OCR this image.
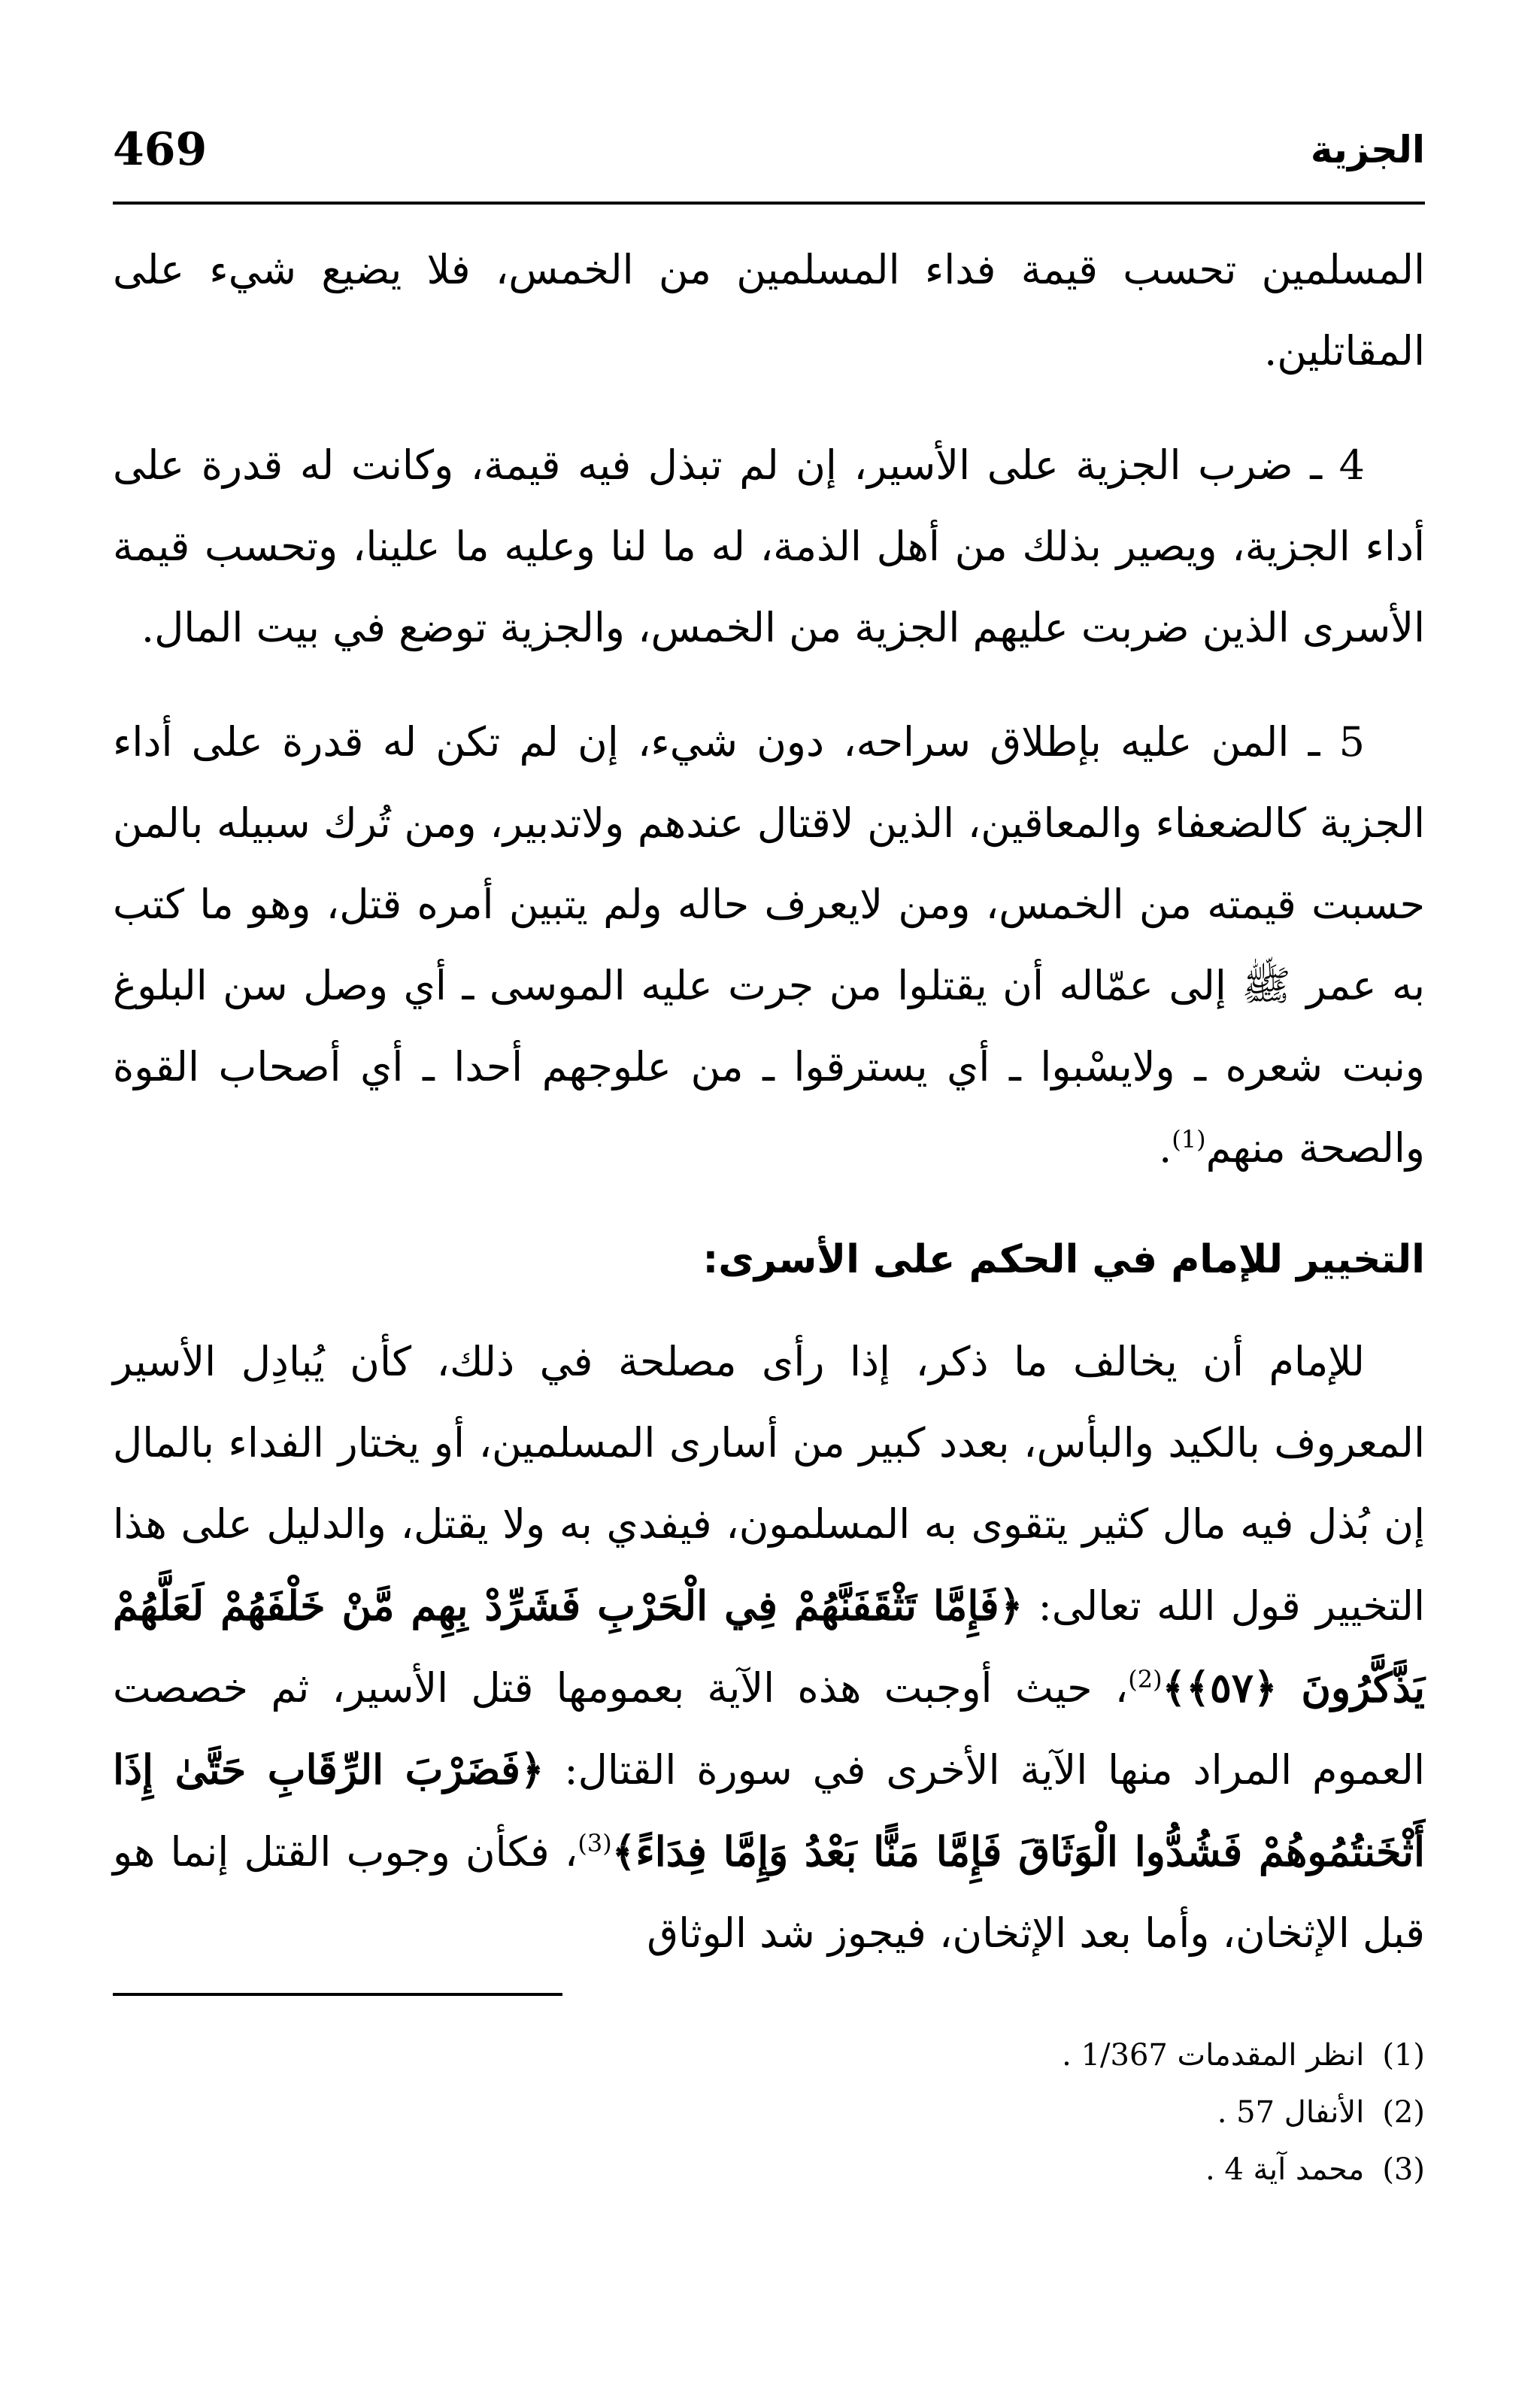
الجزية
469

المسلمين تحسب قيمة فداء المسلمين من الخمس، فلا يضيع شيء على المقاتلين.

4 ـ ضرب الجزية على الأسير، إن لم تبذل فيه قيمة، وكانت له قدرة على أداء الجزية، ويصير بذلك من أهل الذمة، له ما لنا وعليه ما علينا، وتحسب قيمة الأسرى الذين ضربت عليهم الجزية من الخمس، والجزية توضع في بيت المال.

5 ـ المن عليه بإطلاق سراحه، دون شيء، إن لم تكن له قدرة على أداء الجزية كالضعفاء والمعاقين، الذين لاقتال عندهم ولاتدبير، ومن تُرك سبيله بالمن حسبت قيمته من الخمس، ومن لايعرف حاله ولم يتبين أمره قتل، وهو ما كتب به عمر ﷺ إلى عمّاله أن يقتلوا من جرت عليه الموسى ـ أي وصل سن البلوغ ونبت شعره ـ ولايسْبوا ـ أي يسترقوا ـ من علوجهم أحدا ـ أي أصحاب القوة والصحة منهم$^{(1)}$.

التخيير للإمام في الحكم على الأسرى:

للإمام أن يخالف ما ذكر، إذا رأى مصلحة في ذلك، كأن يُبادِل الأسير المعروف بالكيد والبأس، بعدد كبير من أسارى المسلمين، أو يختار الفداء بالمال إن بُذل فيه مال كثير يتقوى به المسلمون، فيفدي به ولا يقتل، والدليل على هذا التخيير قول الله تعالى: ﴿فَإِمَّا تَثْقَفَنَّهُمْ فِي الْحَرْبِ فَشَرِّدْ بِهِم مَّنْ خَلْفَهُمْ لَعَلَّهُمْ يَذَّكَّرُونَ ﴿٥٧﴾﴾$^{(2)}$، حيث أوجبت هذه الآية بعمومها قتل الأسير، ثم خصصت العموم المراد منها الآية الأخرى في سورة القتال: ﴿فَضَرْبَ الرِّقَابِ حَتَّىٰ إِذَا أَثْخَنتُمُوهُمْ فَشُدُّوا الْوَثَاقَ فَإِمَّا مَنًّا بَعْدُ وَإِمَّا فِدَاءً﴾$^{(3)}$، فكأن وجوب القتل إنما هو قبل الإثخان، وأما بعد الإثخان، فيجوز شد الوثاق

(1)انظر المقدمات 1/367 .

(2)الأنفال 57 .

(3)محمد آية 4 .
